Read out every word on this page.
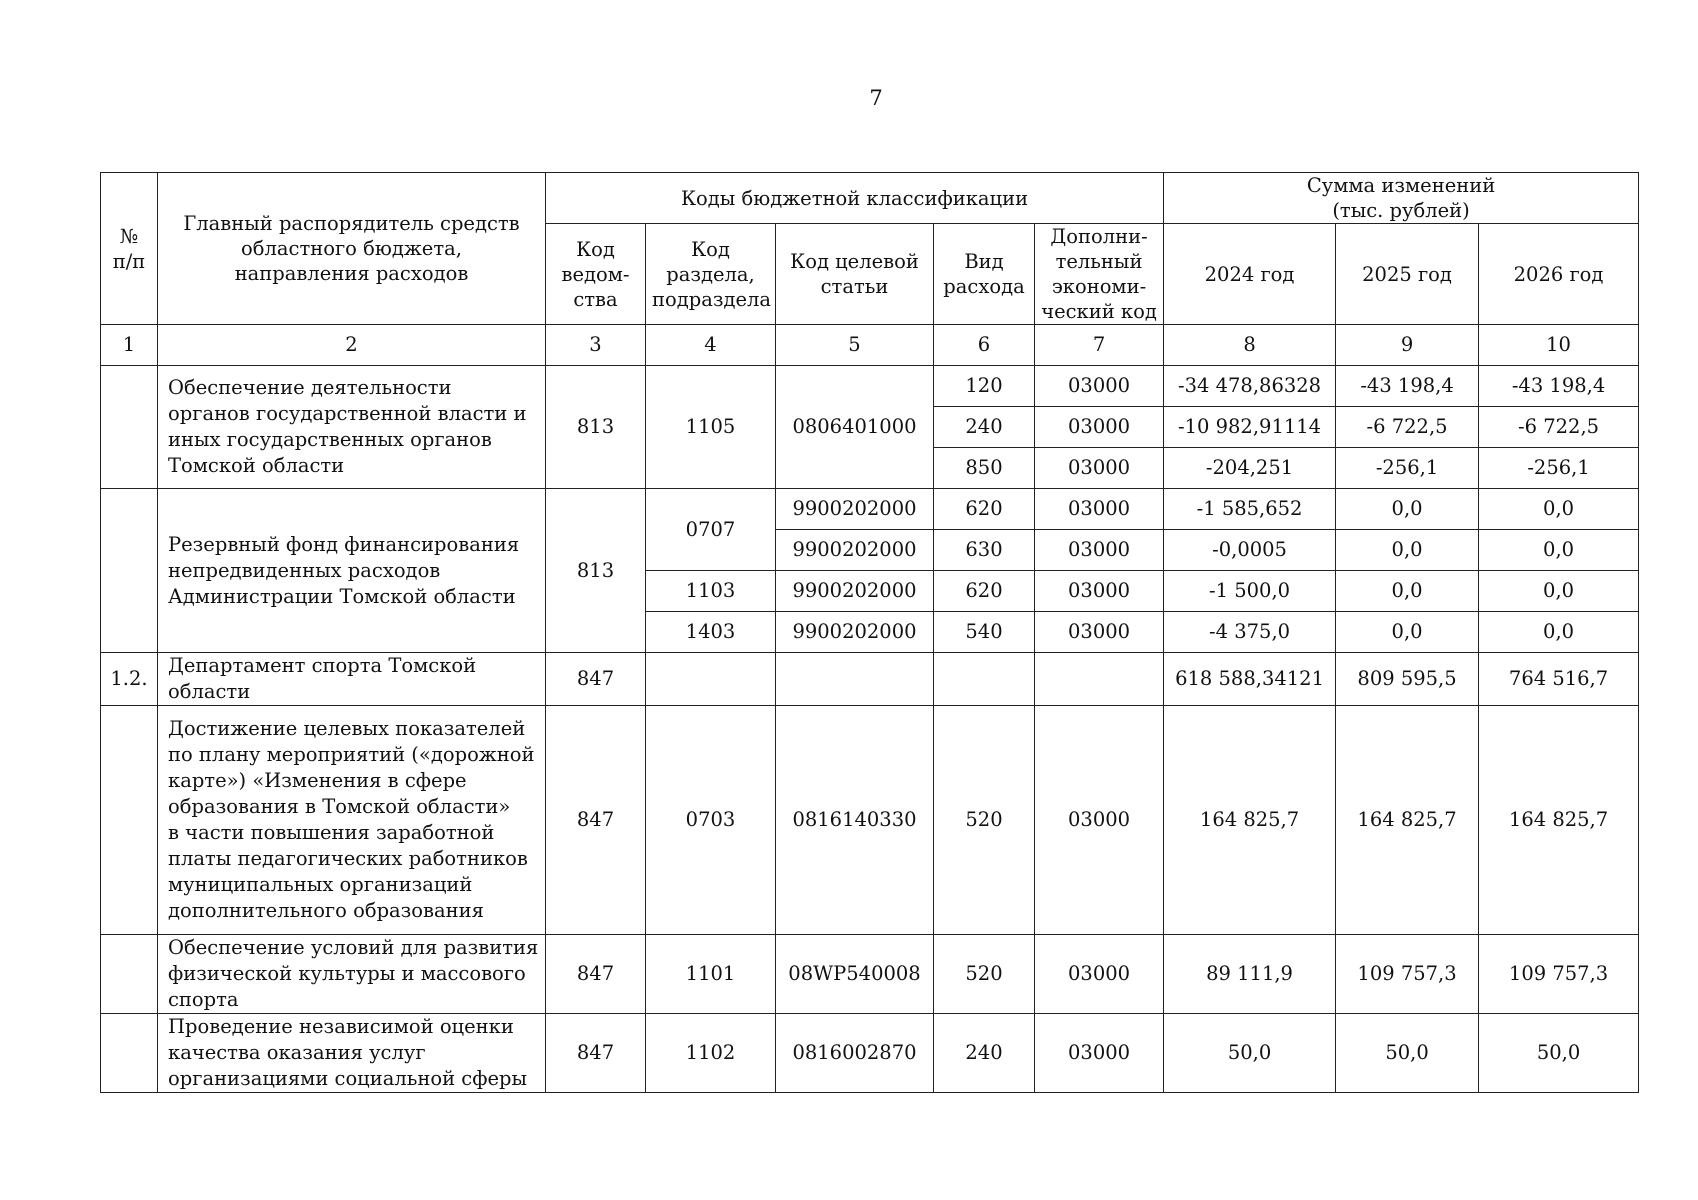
7
№
п/п	Главный распорядитель средств областного бюджета, направления расходов	Коды бюджетной классификации					Сумма изменений
(тыс. рублей)		
		Код ведом-ства	Код раздела, подраздела	Код целевой статьи	Вид расхода	Дополни-тельный экономи-ческий код	2024 год	2025 год	2026 год
1	2	3	4	5	6	7	8	9	10
	Обеспечение деятельности органов государственной власти и иных государственных органов Томской области	813	1105	0806401000	120	03000	-34 478,86328	-43 198,4	-43 198,4
					240	03000	-10 982,91114	-6 722,5	-6 722,5
					850	03000	-204,251	-256,1	-256,1
	Резервный фонд финансирования непредвиденных расходов Администрации Томской области	813	0707	9900202000	620	03000	-1 585,652	0,0	0,0
				9900202000	630	03000	-0,0005	0,0	0,0
			1103	9900202000	620	03000	-1 500,0	0,0	0,0
			1403	9900202000	540	03000	-4 375,0	0,0	0,0
1.2.	Департамент спорта Томской области	847					618 588,34121	809 595,5	764 516,7
	Достижение целевых показателей
по плану мероприятий («дорожной карте») «Изменения в сфере образования в Томской области»
в части повышения заработной платы педагогических работников муниципальных организаций дополнительного образования	847	0703	0816140330	520	03000	164 825,7	164 825,7	164 825,7
	Обеспечение условий для развития физической культуры и массового спорта	847	1101	08WP540008	520	03000	89 111,9	109 757,3	109 757,3
	Проведение независимой оценки качества оказания услуг организациями социальной сферы	847	1102	0816002870	240	03000	50,0	50,0	50,0
